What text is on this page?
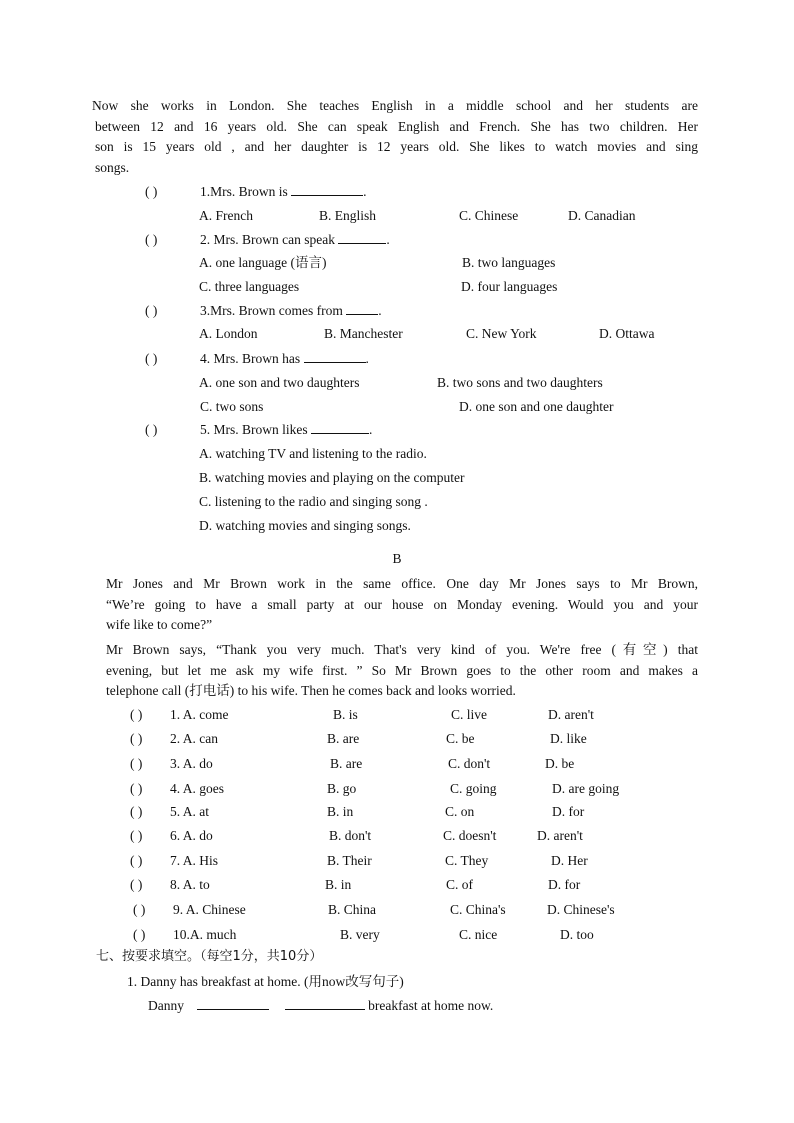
Now she works in London. She teaches English in a middle school and her students are
between 12 and 16 years old. She can speak English and French. She has two children. Her
son is 15 years old , and her daughter is 12 years old. She likes to watch movies and sing
songs.
( )	1.Mrs. Brown is	.
A. French	B. English	C. Chinese	D. Canadian
( )	2. Mrs. Brown can speak	.
A. one language (语言)	B. two languages
C. three languages	D. four languages
( )	3.Mrs. Brown comes from	.
A. London	B. Manchester	C. New York	D. Ottawa
( )	4. Mrs. Brown has	.
A. one son and two daughters	B. two sons and two daughters
C. two sons	D. one son and one daughter
( )	5. Mrs. Brown likes	.
A. watching TV and listening to the radio.
B. watching movies and playing on the computer
C. listening to the radio and singing song .
D. watching movies and singing songs.
B
Mr Jones and Mr Brown work in the same office. One day Mr Jones says to Mr Brown,
“We’re going to have a small party at our house on Monday evening. Would you and your
wife like to come?”
Mr Brown says, “Thank you very much. That's very kind of you. We're free (有空) that
evening, but let me ask my wife first. ” So Mr Brown goes to the other room and makes a
telephone call (打电话) to his wife. Then he comes back and looks worried.
( ) 1. A. come	B. is	C. live	D. aren't
( ) 2. A. can	B. are	C. be	D. like
( ) 3. A. do	B. are	C. don't	D. be
( ) 4. A. goes	B. go	C. going	D. are going
( ) 5. A. at	B. in	C. on	D. for
( ) 6. A. do	B. don't	C. doesn't	D. aren't
( ) 7. A. His	B. Their	C. They	D. Her
( ) 8. A. to	B. in	C. of	D. for
( ) 9. A. Chinese	B. China	C. China's	D. Chinese's
( ) 10.A. much	B. very	C. nice	D. too
七、按要求填空。（每空1分，共10分）
1. Danny has breakfast at home. (用now改写句子)
Danny	breakfast at home now.
